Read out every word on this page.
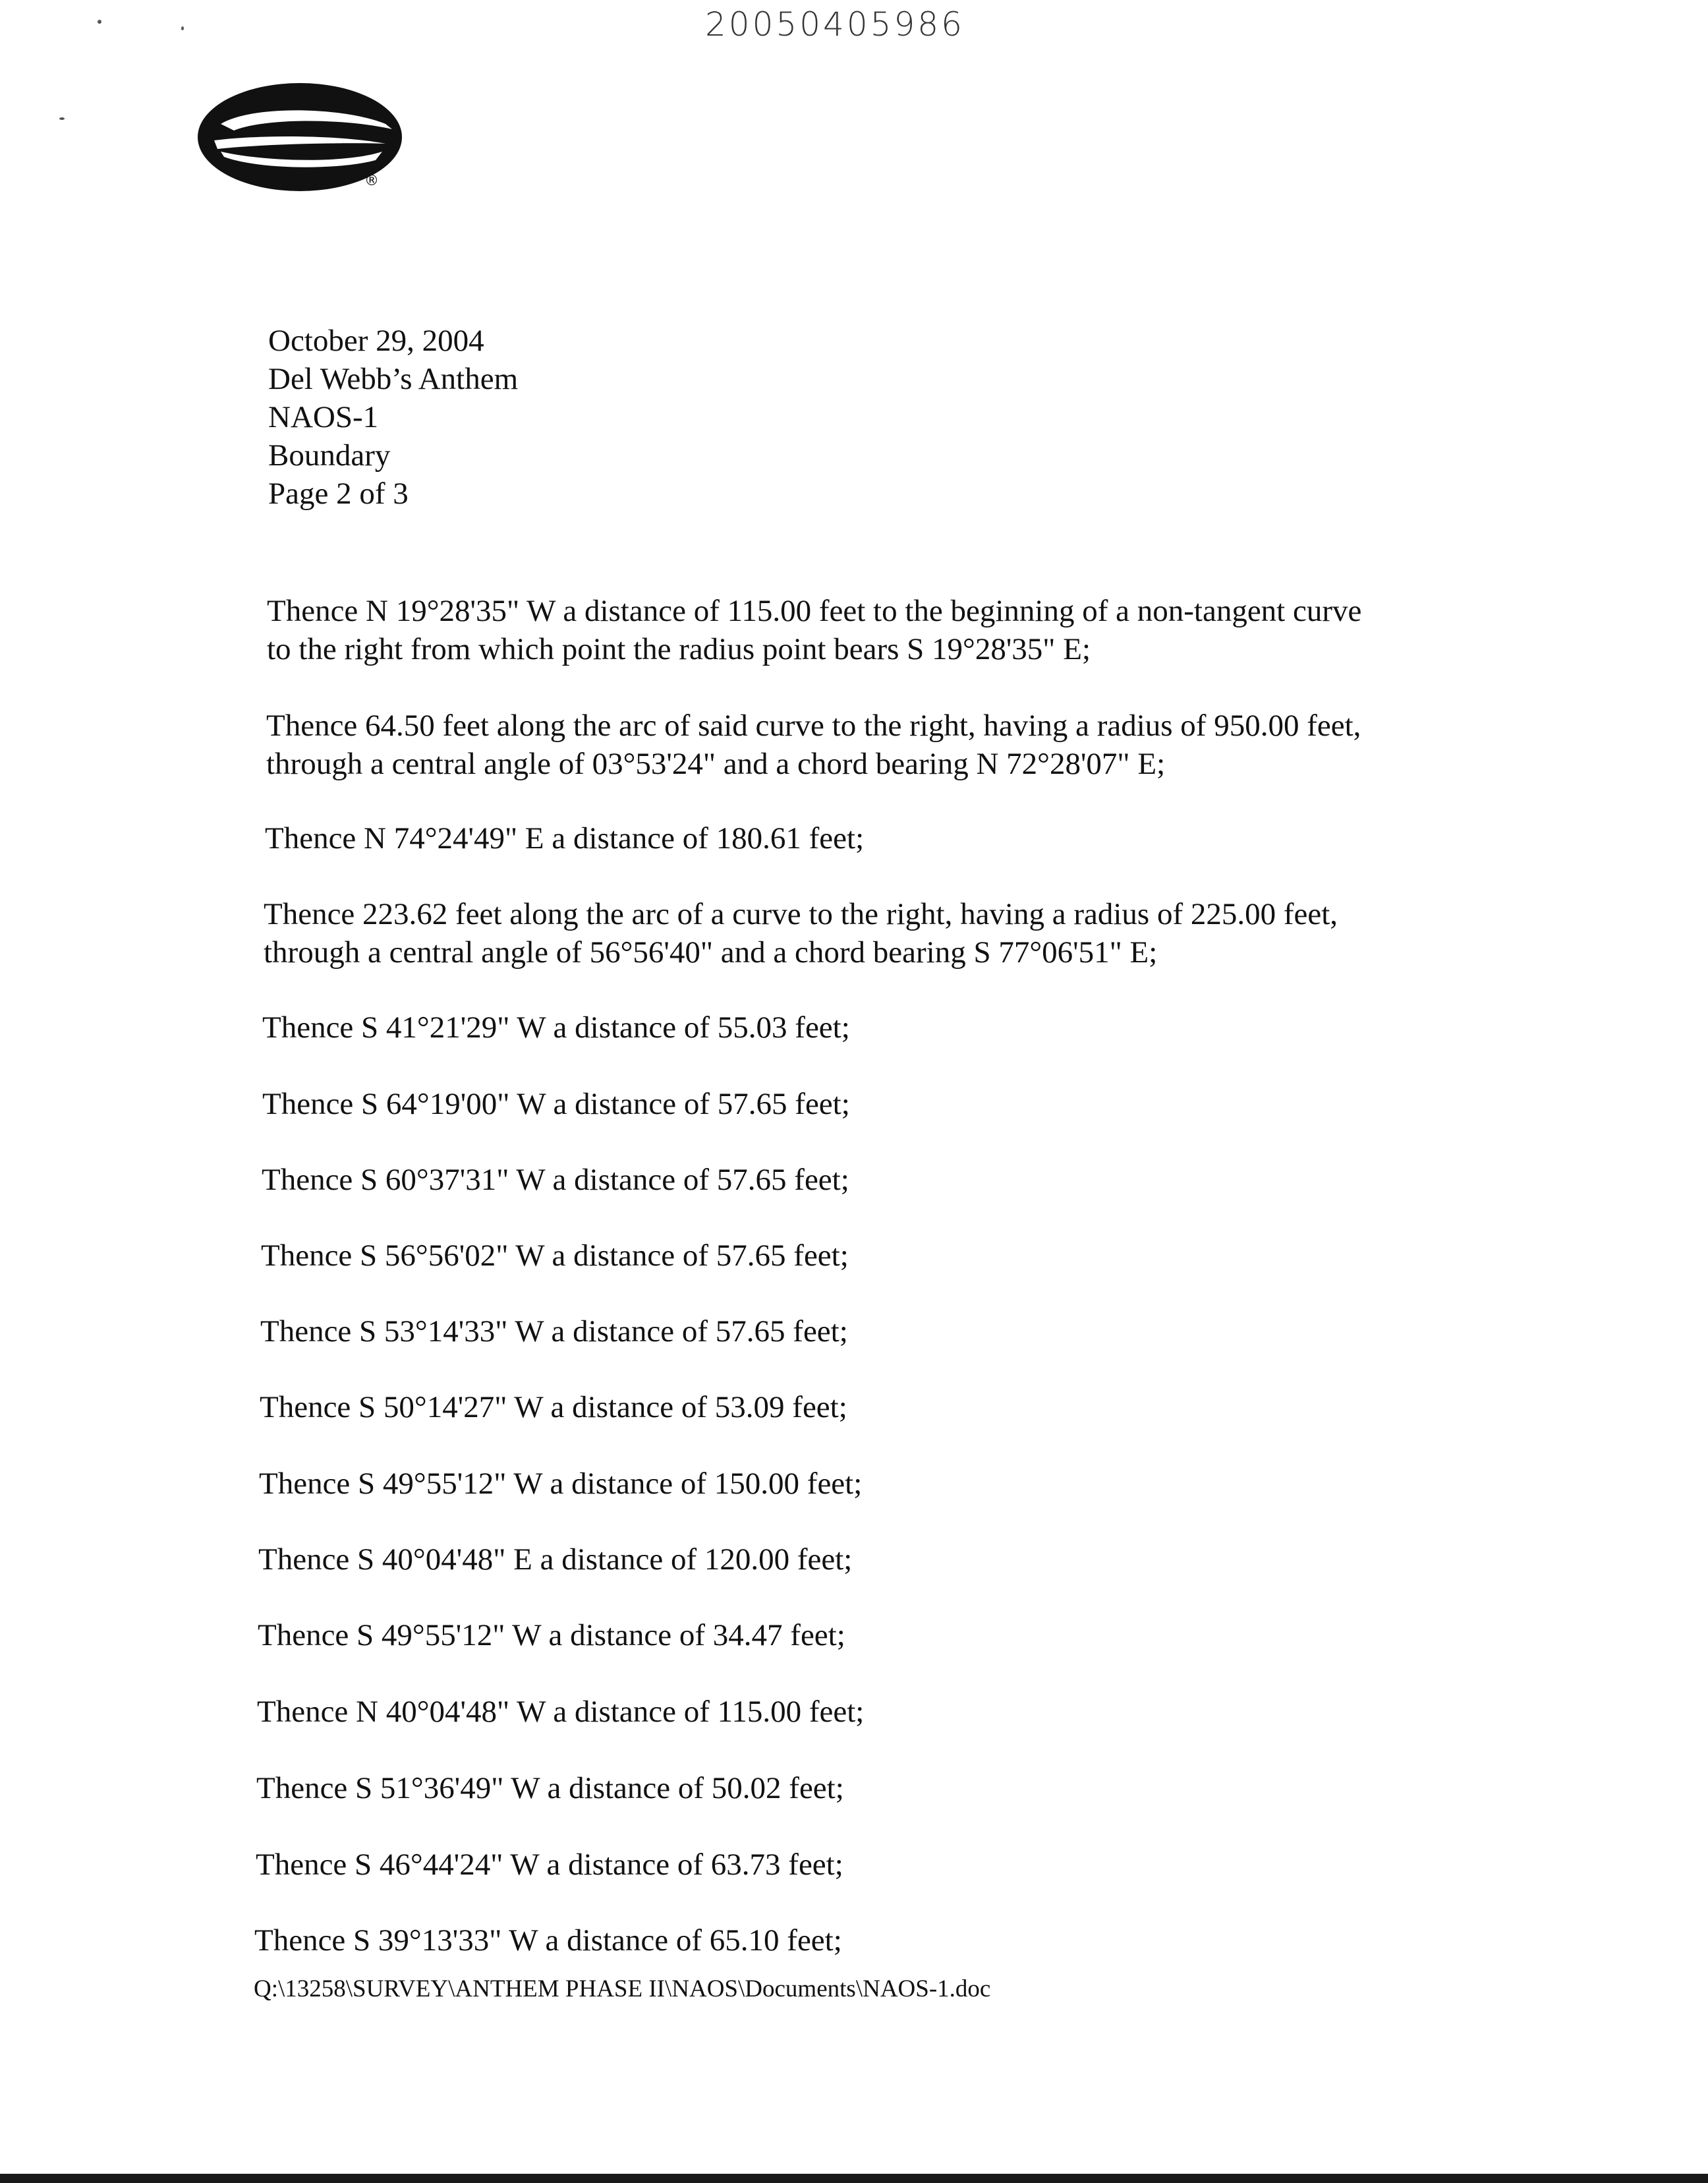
20050405986
®
October 29, 2004
Del Webb’s Anthem
NAOS-1
Boundary
Page 2 of 3
Thence N 19°28'35" W a distance of 115.00 feet to the beginning of a non-tangent curve
to the right from which point the radius point bears S 19°28'35" E;
Thence 64.50 feet along the arc of said curve to the right, having a radius of 950.00 feet,
through a central angle of 03°53'24" and a chord bearing N 72°28'07" E;
Thence N 74°24'49" E a distance of 180.61 feet;
Thence 223.62 feet along the arc of a curve to the right, having a radius of 225.00 feet,
through a central angle of 56°56'40" and a chord bearing S 77°06'51" E;
Thence S 41°21'29" W a distance of 55.03 feet;
Thence S 64°19'00" W a distance of 57.65 feet;
Thence S 60°37'31" W a distance of 57.65 feet;
Thence S 56°56'02" W a distance of 57.65 feet;
Thence S 53°14'33" W a distance of 57.65 feet;
Thence S 50°14'27" W a distance of 53.09 feet;
Thence S 49°55'12" W a distance of 150.00 feet;
Thence S 40°04'48" E a distance of 120.00 feet;
Thence S 49°55'12" W a distance of 34.47 feet;
Thence N 40°04'48" W a distance of 115.00 feet;
Thence S 51°36'49" W a distance of 50.02 feet;
Thence S 46°44'24" W a distance of 63.73 feet;
Thence S 39°13'33" W a distance of 65.10 feet;
Q:\13258\SURVEY\ANTHEM PHASE II\NAOS\Documents\NAOS-1.doc
